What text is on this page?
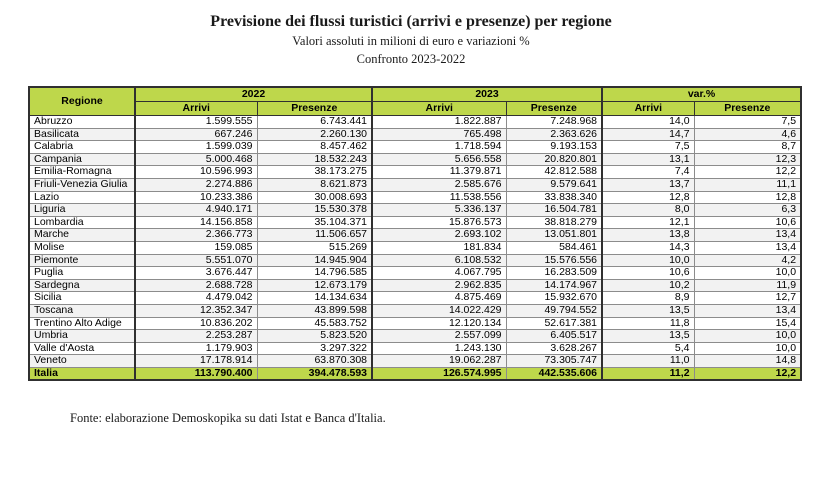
Previsione dei flussi turistici (arrivi e presenze) per regione
Valori assoluti in milioni di euro e variazioni %
Confronto 2023-2022
Regione	2022		2023		var.%	
	Arrivi	Presenze	Arrivi	Presenze	Arrivi	Presenze
Abruzzo	1.599.555	6.743.441	1.822.887	7.248.968	14,0	7,5
Basilicata	667.246	2.260.130	765.498	2.363.626	14,7	4,6
Calabria	1.599.039	8.457.462	1.718.594	9.193.153	7,5	8,7
Campania	5.000.468	18.532.243	5.656.558	20.820.801	13,1	12,3
Emilia-Romagna	10.596.993	38.173.275	11.379.871	42.812.588	7,4	12,2
Friuli-Venezia Giulia	2.274.886	8.621.873	2.585.676	9.579.641	13,7	11,1
Lazio	10.233.386	30.008.693	11.538.556	33.838.340	12,8	12,8
Liguria	4.940.171	15.530.378	5.336.137	16.504.781	8,0	6,3
Lombardia	14.156.858	35.104.371	15.876.573	38.818.279	12,1	10,6
Marche	2.366.773	11.506.657	2.693.102	13.051.801	13,8	13,4
Molise	159.085	515.269	181.834	584.461	14,3	13,4
Piemonte	5.551.070	14.945.904	6.108.532	15.576.556	10,0	4,2
Puglia	3.676.447	14.796.585	4.067.795	16.283.509	10,6	10,0
Sardegna	2.688.728	12.673.179	2.962.835	14.174.967	10,2	11,9
Sicilia	4.479.042	14.134.634	4.875.469	15.932.670	8,9	12,7
Toscana	12.352.347	43.899.598	14.022.429	49.794.552	13,5	13,4
Trentino Alto Adige	10.836.202	45.583.752	12.120.134	52.617.381	11,8	15,4
Umbria	2.253.287	5.823.520	2.557.099	6.405.517	13,5	10,0
Valle d'Aosta	1.179.903	3.297.322	1.243.130	3.628.267	5,4	10,0
Veneto	17.178.914	63.870.308	19.062.287	73.305.747	11,0	14,8
Italia	113.790.400	394.478.593	126.574.995	442.535.606	11,2	12,2
Fonte: elaborazione Demoskopika su dati Istat e Banca d'Italia.
